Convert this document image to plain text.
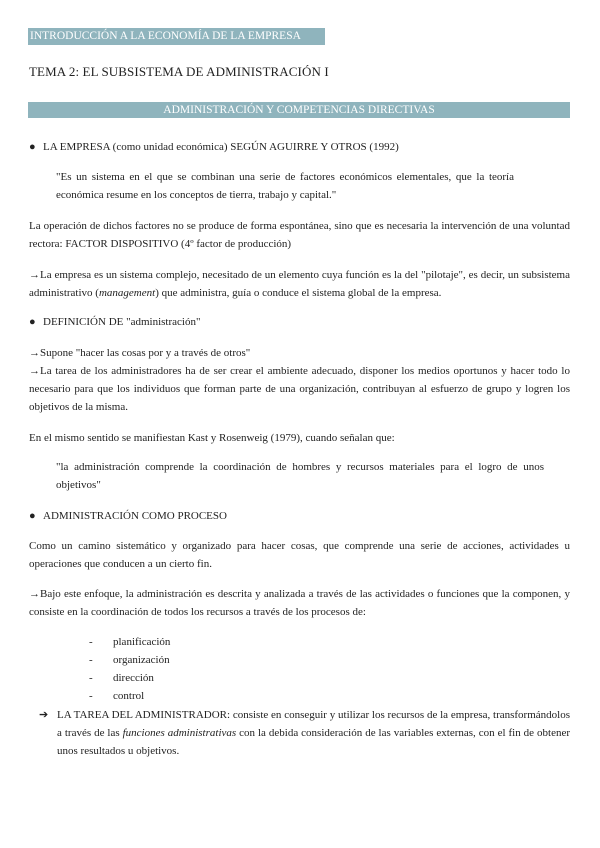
INTRODUCCIÓN A LA ECONOMÍA DE LA EMPRESA
TEMA 2: EL SUBSISTEMA DE ADMINISTRACIÓN I
ADMINISTRACIÓN Y COMPETENCIAS DIRECTIVAS
● LA EMPRESA (como unidad económica) SEGÚN AGUIRRE Y OTROS (1992)
"Es un sistema en el que se combinan una serie de factores económicos elementales, que la teoría económica resume en los conceptos de tierra, trabajo y capital."
La operación de dichos factores no se produce de forma espontánea, sino que es necesaria la intervención de una voluntad rectora: FACTOR DISPOSITIVO (4º factor de producción)
→La empresa es un sistema complejo, necesitado de un elemento cuya función es la del "pilotaje", es decir, un subsistema administrativo (management) que administra, guía o conduce el sistema global de la empresa.
● DEFINICIÓN DE "administración"
→Supone "hacer las cosas por y a través de otros"
→La tarea de los administradores ha de ser crear el ambiente adecuado, disponer los medios oportunos y hacer todo lo necesario para que los individuos que forman parte de una organización, contribuyan al esfuerzo de grupo y logren los objetivos de la misma.
En el mismo sentido se manifiestan Kast y Rosenweig (1979), cuando señalan que:
"la administración comprende la coordinación de hombres y recursos materiales para el logro de unos objetivos"
● ADMINISTRACIÓN COMO PROCESO
Como un camino sistemático y organizado para hacer cosas, que comprende una serie de acciones, actividades u operaciones que conducen a un cierto fin.
→Bajo este enfoque, la administración es descrita y analizada a través de las actividades o funciones que la componen, y consiste en la coordinación de todos los recursos a través de los procesos de:
- planificación
- organización
- dirección
- control
➔ LA TAREA DEL ADMINISTRADOR: consiste en conseguir y utilizar los recursos de la empresa, transformándolos a través de las funciones administrativas con la debida consideración de las variables externas, con el fin de obtener unos resultados u objetivos.
